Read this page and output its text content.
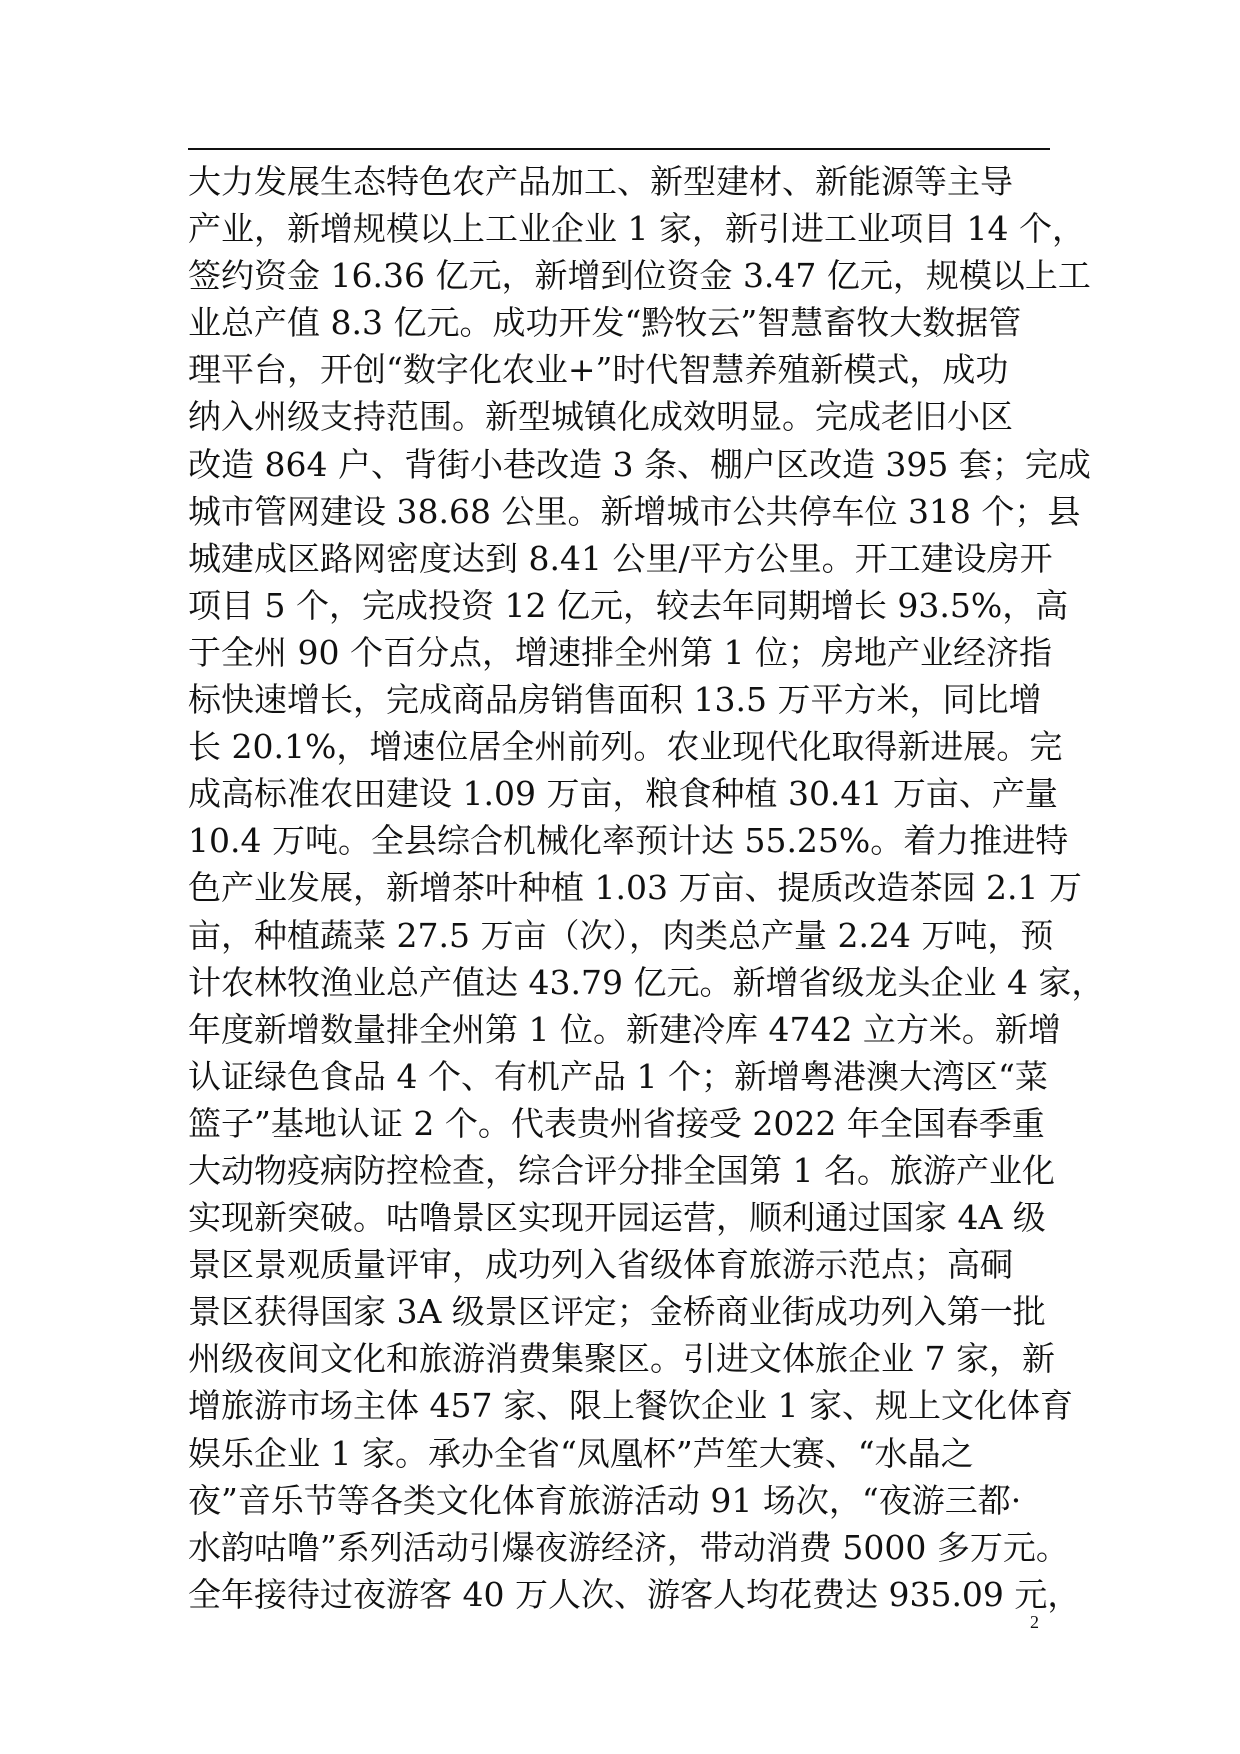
大力发展生态特色农产品加工、新型建材、新能源等主导
产业，新增规模以上工业企业 1 家，新引进工业项目 14 个，
签约资金 16.36 亿元，新增到位资金 3.47 亿元，规模以上工
业总产值 8.3 亿元。成功开发“黔牧云”智慧畜牧大数据管
理平台，开创“数字化农业+”时代智慧养殖新模式，成功
纳入州级支持范围。新型城镇化成效明显。完成老旧小区
改造 864 户、背街小巷改造 3 条、棚户区改造 395 套；完成
城市管网建设 38.68 公里。新增城市公共停车位 318 个；县
城建成区路网密度达到 8.41 公里/平方公里。开工建设房开
项目 5 个，完成投资 12 亿元，较去年同期增长 93.5%，高
于全州 90 个百分点，增速排全州第 1 位；房地产业经济指
标快速增长，完成商品房销售面积 13.5 万平方米，同比增
长 20.1%，增速位居全州前列。农业现代化取得新进展。完
成高标准农田建设 1.09 万亩，粮食种植 30.41 万亩、产量
10.4 万吨。全县综合机械化率预计达 55.25%。着力推进特
色产业发展，新增茶叶种植 1.03 万亩、提质改造茶园 2.1 万
亩，种植蔬菜 27.5 万亩（次），肉类总产量 2.24 万吨，预
计农林牧渔业总产值达 43.79 亿元。新增省级龙头企业 4 家，
年度新增数量排全州第 1 位。新建冷库 4742 立方米。新增
认证绿色食品 4 个、有机产品 1 个；新增粤港澳大湾区“菜
篮子”基地认证 2 个。代表贵州省接受 2022 年全国春季重
大动物疫病防控检查，综合评分排全国第 1 名。旅游产业化
实现新突破。咕噜景区实现开园运营，顺利通过国家 4A 级
景区景观质量评审，成功列入省级体育旅游示范点；高硐
景区获得国家 3A 级景区评定；金桥商业街成功列入第一批
州级夜间文化和旅游消费集聚区。引进文体旅企业 7 家，新
增旅游市场主体 457 家、限上餐饮企业 1 家、规上文化体育
娱乐企业 1 家。承办全省“凤凰杯”芦笙大赛、“水晶之
夜”音乐节等各类文化体育旅游活动 91 场次，“夜游三都·
水韵咕噜”系列活动引爆夜游经济，带动消费 5000 多万元。
全年接待过夜游客 40 万人次、游客人均花费达 935.09 元，
2
